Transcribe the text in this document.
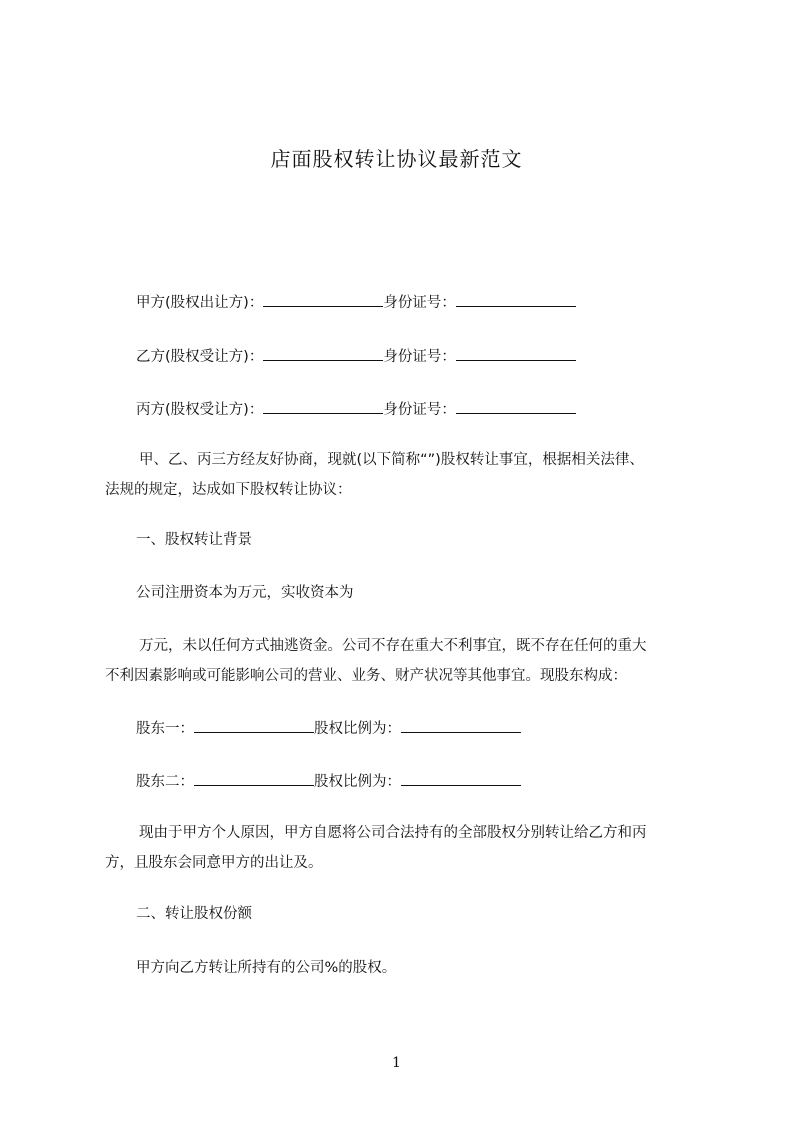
店面股权转让协议最新范文
甲方(股权出让方)：	身份证号：
乙方(股权受让方)：	身份证号：
丙方(股权受让方)：	身份证号：
甲、乙、丙三方经友好协商，现就(以下简称“”)股权转让事宜，根据相关法律、
法规的规定，达成如下股权转让协议：
一、股权转让背景
公司注册资本为万元，实收资本为
万元，未以任何方式抽逃资金。公司不存在重大不利事宜，既不存在任何的重大
不利因素影响或可能影响公司的营业、业务、财产状况等其他事宜。现股东构成：
股东一：	股权比例为：
股东二：	股权比例为：
现由于甲方个人原因，甲方自愿将公司合法持有的全部股权分别转让给乙方和丙
方，且股东会同意甲方的出让及。
二、转让股权份额
甲方向乙方转让所持有的公司%的股权。
1
